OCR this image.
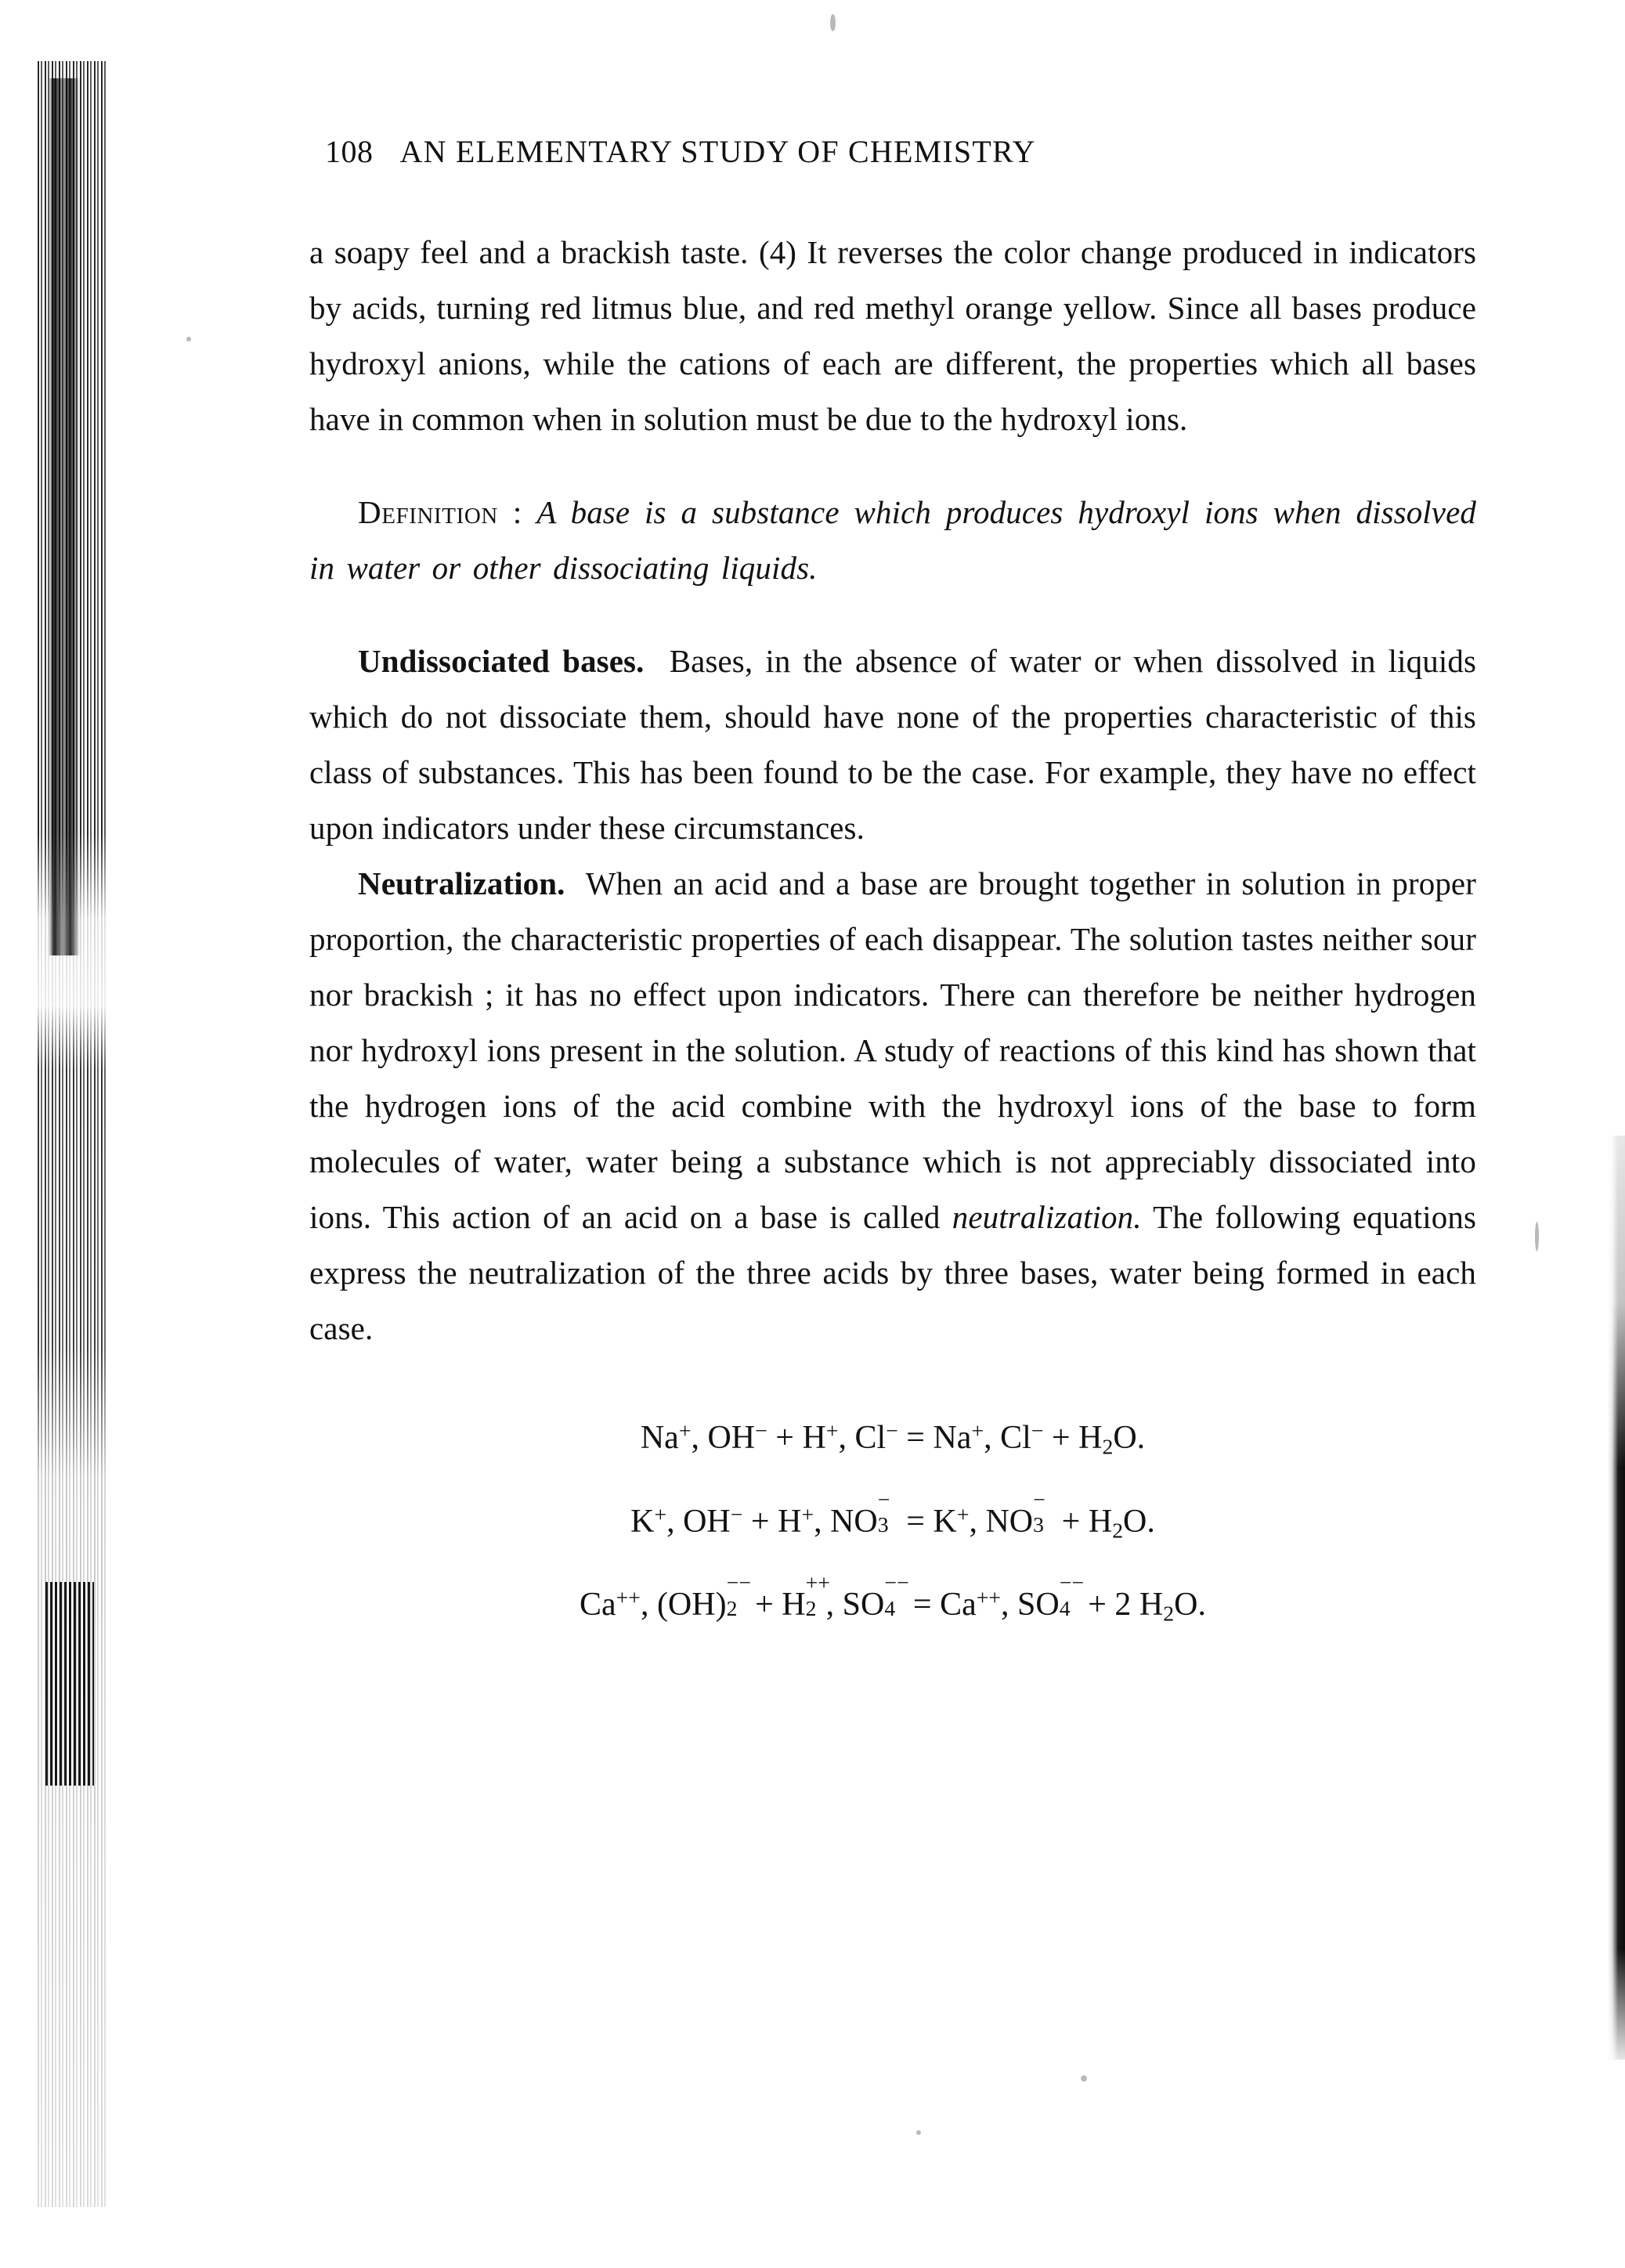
108 AN ELEMENTARY STUDY OF CHEMISTRY

a soapy feel and a brackish taste. (4) It reverses the color change produced in indicators by acids, turning red litmus blue, and red methyl orange yellow. Since all bases produce hydroxyl anions, while the cations of each are different, the properties which all bases have in common when in solution must be due to the hydroxyl ions.

Definition : A base is a substance which produces hydroxyl ions when dissolved in water or other dissociating liquids.

Undissociated bases. Bases, in the absence of water or when dissolved in liquids which do not dissociate them, should have none of the properties characteristic of this class of substances. This has been found to be the case. For example, they have no effect upon indicators under these circumstances.

Neutralization. When an acid and a base are brought together in solution in proper proportion, the characteristic properties of each disappear. The solution tastes neither sour nor brackish ; it has no effect upon indicators. There can therefore be neither hydrogen nor hydroxyl ions present in the solution. A study of reactions of this kind has shown that the hydrogen ions of the acid combine with the hydroxyl ions of the base to form molecules of water, water being a substance which is not appreciably dissociated into ions. This action of an acid on a base is called neutralization. The following equations express the neutralization of the three acids by three bases, water being formed in each case.

Na+, OH− + H+, Cl− = Na+, $Cl^- + H_2O$.
K+, OH− + H+, NO
−
3 = K+, NO
−
$3 + H_2O$.
Ca++, (OH)
−−
2 + H
++
2 , SO
−−
4 = Ca++, SO
−−
4 + 2 $H_2O$.
